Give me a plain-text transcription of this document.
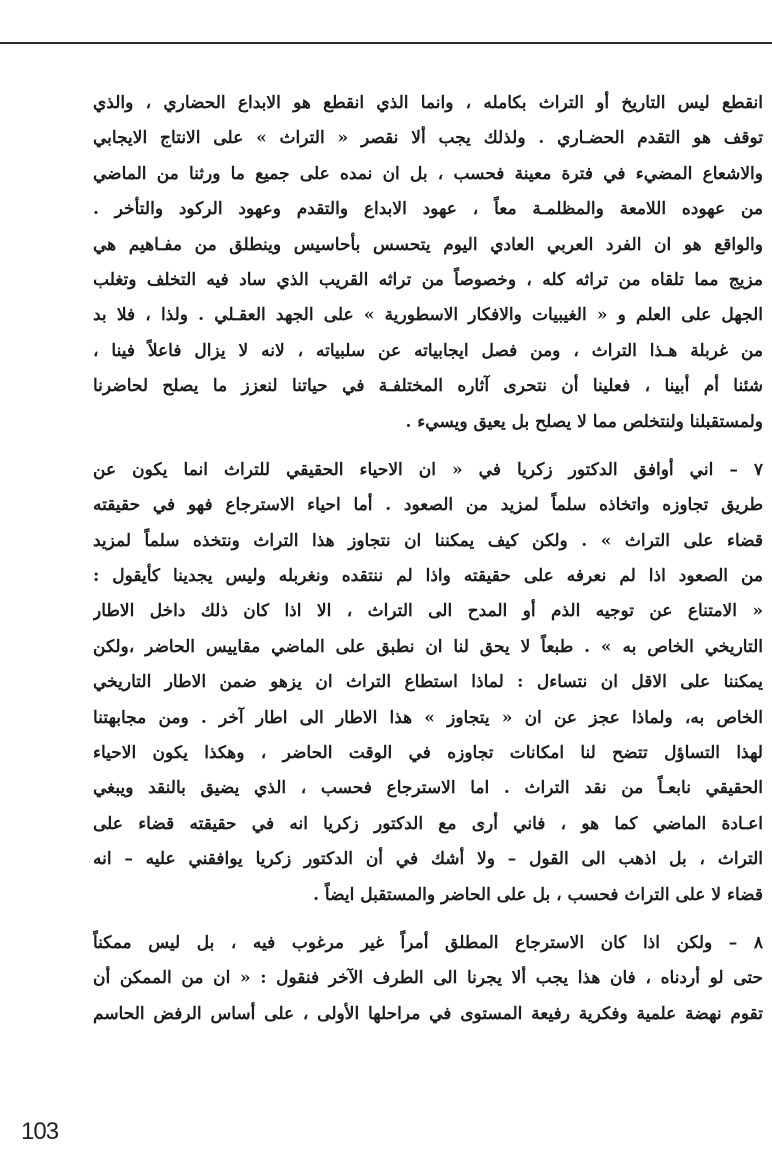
انقطع ليس التاريخ أو التراث بكامله ، وانما الذي انقطع هو الابداع الحضاري ، والذي
توقف هو التقدم الحضـاري . ولذلك يجب ألا نقصر « التراث » على الانتاج الايجابي
والاشعاع المضيء في فترة معينة فحسب ، بل ان نمده على جميع ما ورثنا من الماضي
من عهوده اللامعة والمظلمـة معاً ، عهود الابداع والتقدم وعهود الركود والتأخر .
والواقع هو ان الفرد العربي العادي اليوم يتحسس بأحاسيس وينطلق من مفـاهيم هي
مزيج مما تلقاه من تراثه كله ، وخصوصاً من تراثه القريب الذي ساد فيه التخلف وتغلب
الجهل على العلم و « الغيبيات والافكار الاسطورية » على الجهد العقـلي . ولذا ، فلا بد
من غربلة هـذا التراث ، ومن فصل ايجابياته عن سلبياته ، لانه لا يزال فاعلاً فينا ،
شئنا أم أبينا ، فعلينا أن نتحرى آثاره المختلفـة في حياتنا لنعزز ما يصلح لحاضرنا
ولمستقبلنا ولنتخلص مما لا يصلح بل يعيق ويسيء .

٧ – اني أوافق الدكتور زكريا في « ان الاحياء الحقيقي للتراث انما يكون عن
طريق تجاوزه واتخاذه سلماً لمزيد من الصعود . أما احياء الاسترجاع فهو في حقيقته
قضاء على التراث » . ولكن كيف يمكننا ان نتجاوز هذا التراث ونتخذه سلماً لمزيد
من الصعود اذا لم نعرفه على حقيقته واذا لم ننتقده ونغربله وليس يجدينا كأيقول :
« الامتناع عن توجيه الذم أو المدح الى التراث ، الا اذا كان ذلك داخل الاطار
التاريخي الخاص به » . طبعاً لا يحق لنا ان نطبق على الماضي مقاييس الحاضر ،ولكن
يمكننا على الاقل ان نتساءل : لماذا استطاع التراث ان يزهو ضمن الاطار التاريخي
الخاص به، ولماذا عجز عن ان « يتجاوز » هذا الاطار الى اطار آخر . ومن مجابهتنا
لهذا التساؤل تتضح لنا امكانات تجاوزه في الوقت الحاضر ، وهكذا يكون الاحياء
الحقيقي نابعـاً من نقد التراث . اما الاسترجاع فحسب ، الذي يضيق بالنقد ويبغي
اعـادة الماضي كما هو ، فاني أرى مع الدكتور زكريا انه في حقيقته قضاء على
التراث ، بل اذهب الى القول – ولا أشك في أن الدكتور زكريا يوافقني عليه – انه
قضاء لا على التراث فحسب ، بل على الحاضر والمستقبل ايضاً .

٨ – ولكن اذا كان الاسترجاع المطلق أمراً غير مرغوب فيه ، بل ليس ممكناً
حتى لو أردناه ، فان هذا يجب ألا يجرنا الى الطرف الآخر فنقول : « ان من الممكن أن
تقوم نهضة علمية وفكرية رفيعة المستوى في مراحلها الأولى ، على أساس الرفض الحاسم

103
